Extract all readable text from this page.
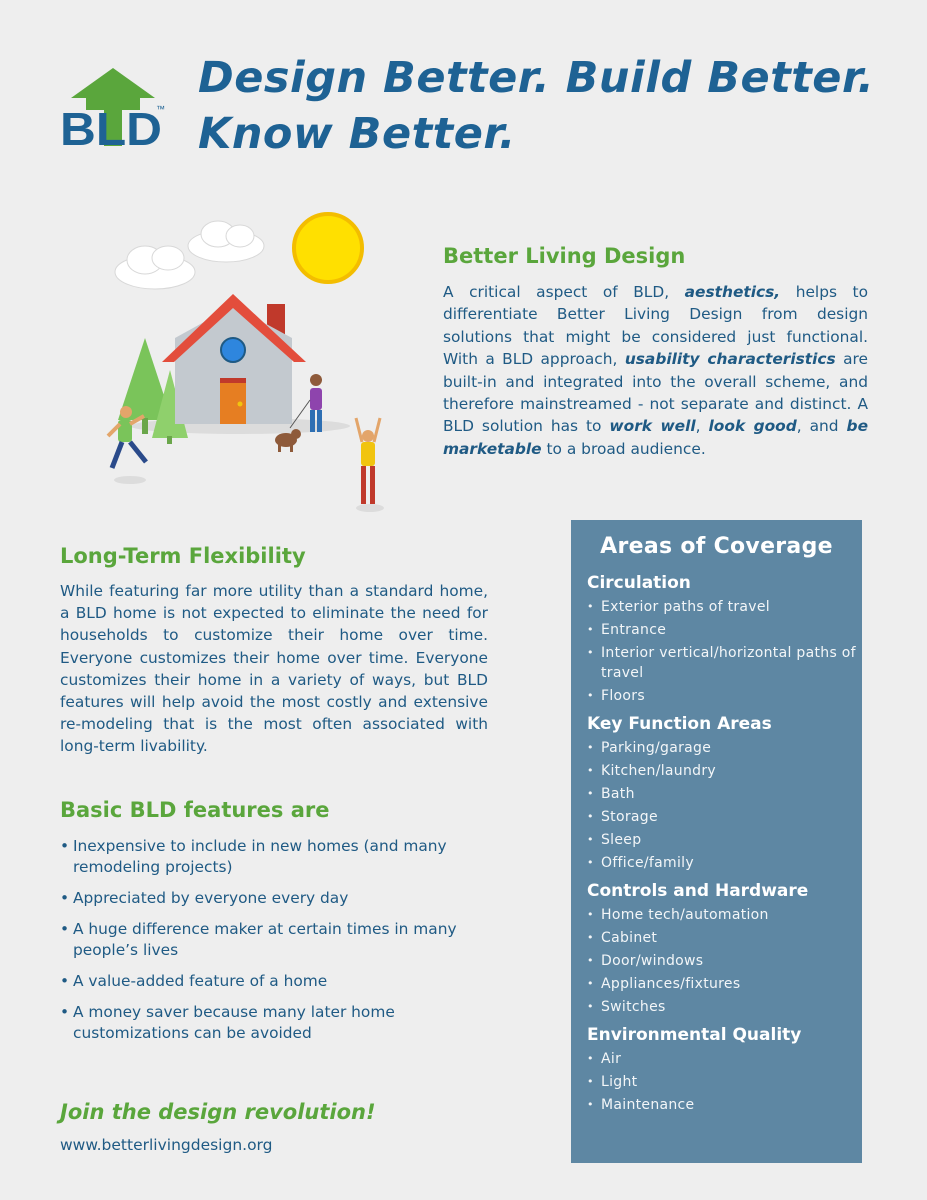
BLD
™
Design Better. Build Better.
Know Better.
Better Living Design
A critical aspect of BLD, aesthetics, helps to differentiate Better Living Design from design solutions that might be considered just functional. With a BLD approach, usability characteristics are built-in and integrated into the overall scheme, and therefore mainstreamed - not separate and distinct. A BLD solution has to work well, look good, and be marketable to a broad audience.
Long-Term Flexibility
While featuring far more utility than a standard home, a BLD home is not expected to eliminate the need for households to customize their home over time. Everyone customizes their home over time. Everyone customizes their home in a variety of ways, but BLD features will help avoid the most costly and extensive re-modeling that is the most often associated with long-term livability.
Basic BLD features are
• Inexpensive to include in new homes (and many remodeling projects)
• Appreciated by everyone every day
• A huge difference maker at certain times in many people’s lives
• A value-added feature of a home
• A money saver because many later home customizations can be avoided
Join the design revolution!
www.betterlivingdesign.org
Areas of Coverage
Circulation
• Exterior paths of travel
• Entrance
• Interior vertical/horizontal paths of travel
• Floors
Key Function Areas
• Parking/garage
• Kitchen/laundry
• Bath
• Storage
• Sleep
• Office/family
Controls and Hardware
• Home tech/automation
• Cabinet
• Door/windows
• Appliances/fixtures
• Switches
Environmental Quality
• Air
• Light
• Maintenance
